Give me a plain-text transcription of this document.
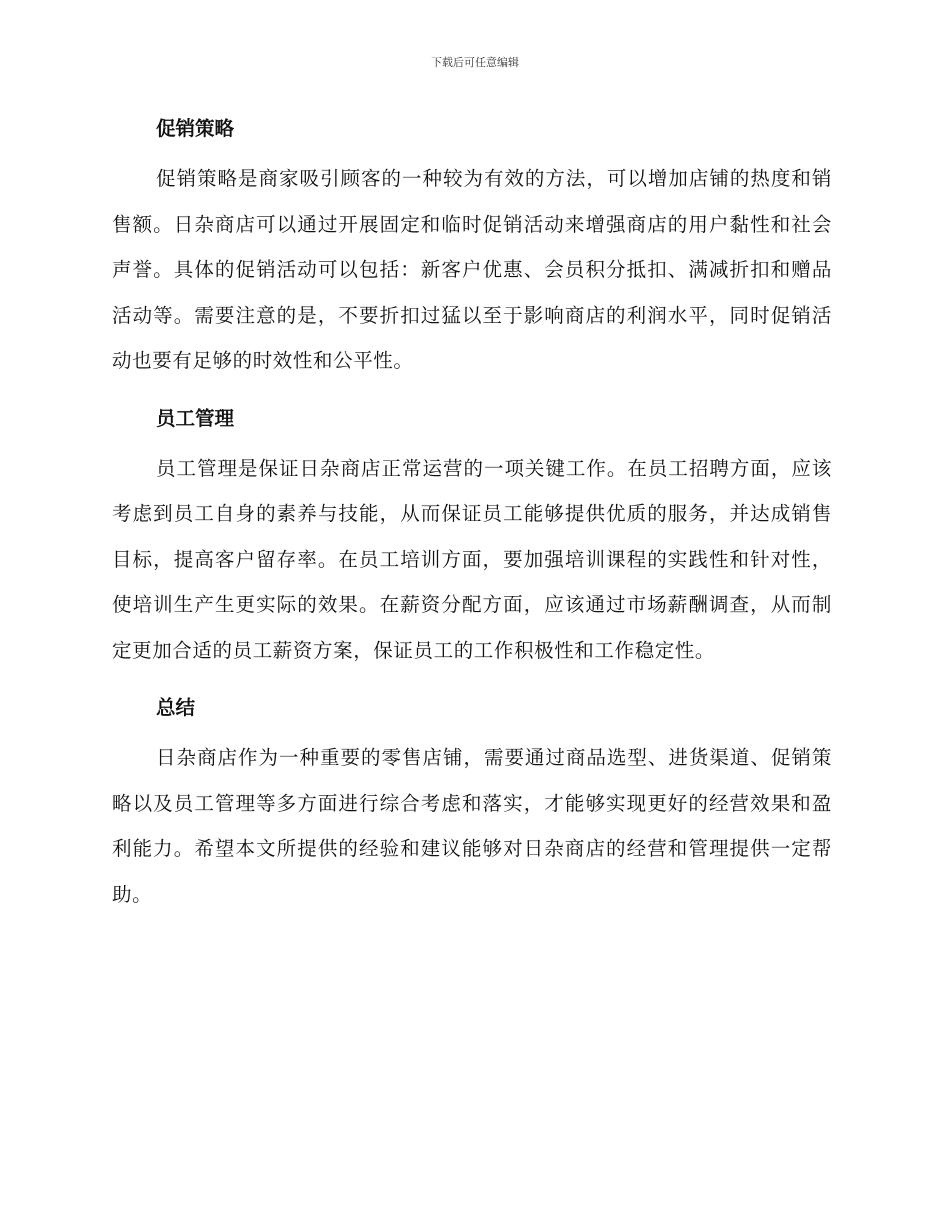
下载后可任意编辑
促销策略

促销策略是商家吸引顾客的一种较为有效的方法，可以增加店铺的热度和销售额。日杂商店可以通过开展固定和临时促销活动来增强商店的用户黏性和社会声誉。具体的促销活动可以包括：新客户优惠、会员积分抵扣、满减折扣和赠品活动等。需要注意的是，不要折扣过猛以至于影响商店的利润水平，同时促销活动也要有足够的时效性和公平性。

员工管理

员工管理是保证日杂商店正常运营的一项关键工作。在员工招聘方面，应该考虑到员工自身的素养与技能，从而保证员工能够提供优质的服务，并达成销售目标，提高客户留存率。在员工培训方面，要加强培训课程的实践性和针对性，使培训生产生更实际的效果。在薪资分配方面，应该通过市场薪酬调查，从而制定更加合适的员工薪资方案，保证员工的工作积极性和工作稳定性。

总结

日杂商店作为一种重要的零售店铺，需要通过商品选型、进货渠道、促销策略以及员工管理等多方面进行综合考虑和落实，才能够实现更好的经营效果和盈利能力。希望本文所提供的经验和建议能够对日杂商店的经营和管理提供一定帮助。
